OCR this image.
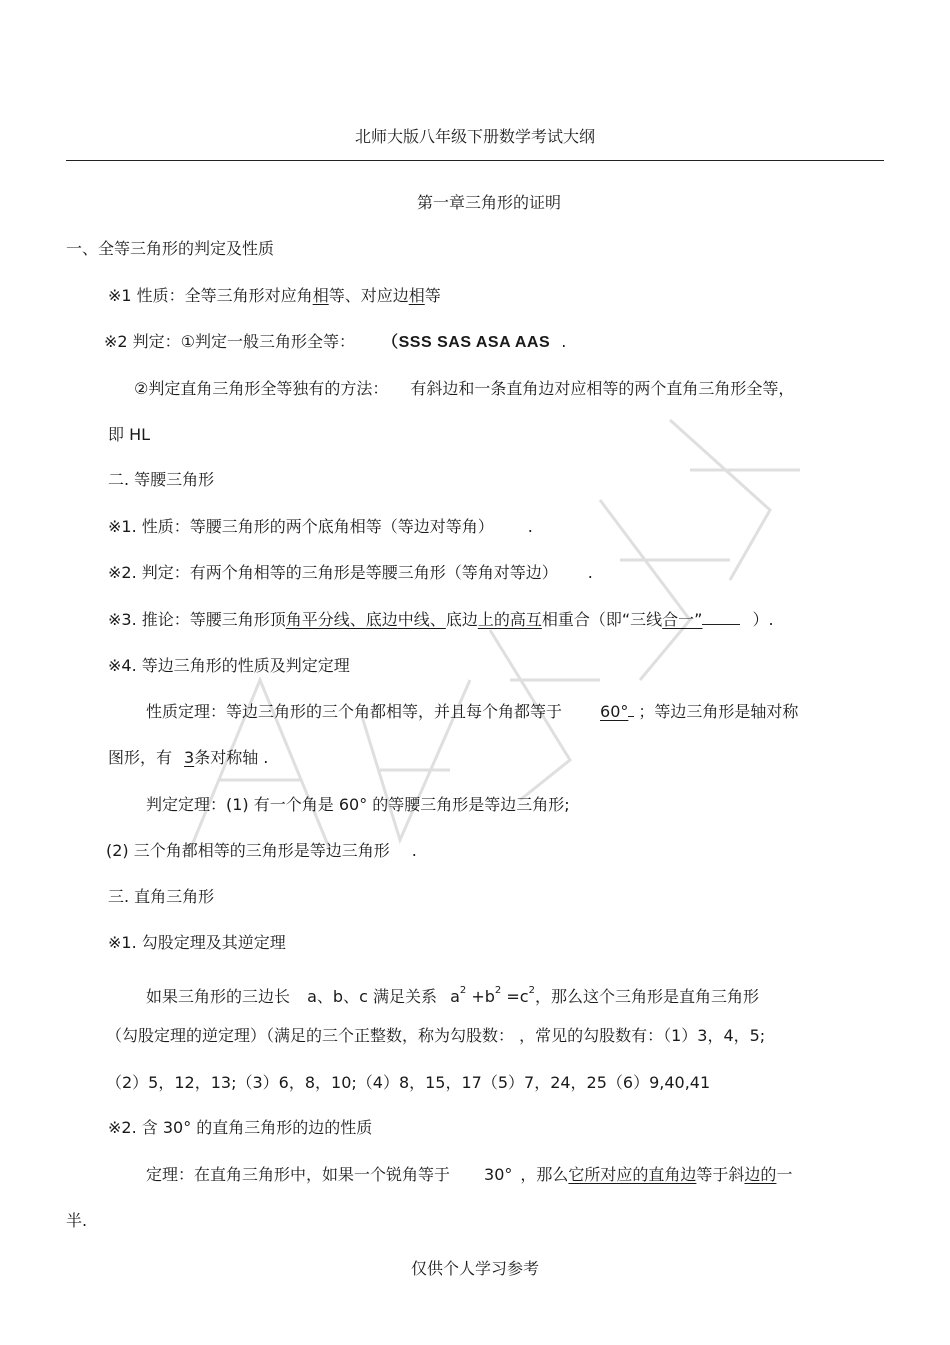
北师大版八年级下册数学考试大纲
第一章三角形的证明
一、全等三角形的判定及性质
※1 性质：全等三角形对应角相等、对应边相等
※2 判定：①判定一般三角形全等： （SSS SAS ASA AAS .
②判定直角三角形全等独有的方法： 有斜边和一条直角边对应相等的两个直角三角形全等，
即 HL
二. 等腰三角形
※1. 性质：等腰三角形的两个底角相等（等边对等角） .
※2. 判定：有两个角相等的三角形是等腰三角形（等角对等边） .
※3. 推论：等腰三角形顶角平分线、底边中线、底边上的高互相重合（即“三线合一”	）.
※4. 等边三角形的性质及判定定理
性质定理：等边三角形的三个角都相等，并且每个角都等于 60° ；等边三角形是轴对称
图形，有 3条对称轴 .
判定定理：(1) 有一个角是 60° 的等腰三角形是等边三角形;
(2) 三个角都相等的三角形是等边三角形 .
三. 直角三角形
※1. 勾股定理及其逆定理
如果三角形的三边长 a、b、c 满足关系 $a^2 +b^2 =c^2$，那么这个三角形是直角三角形
（勾股定理的逆定理）（满足的三个正整数，称为勾股数： ，常见的勾股数有：（1）3，4，5;
（2）5，12，13;（3）6，8，10;（4）8，15，17（5）7，24，25（6）9,40,41
※2. 含 30° 的直角三角形的边的性质
定理：在直角三角形中，如果一个锐角等于 30° ，那么它所对应的直角边等于斜边的一
半.
仅供个人学习参考
